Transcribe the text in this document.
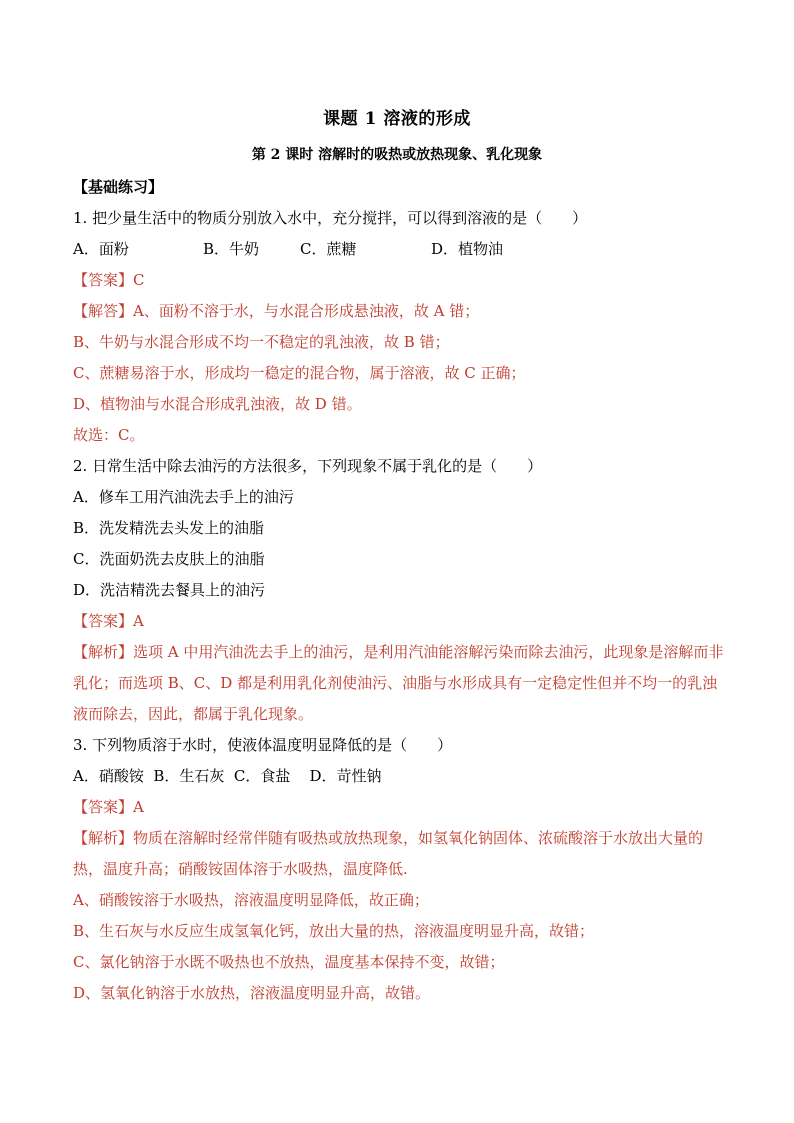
课题 1 溶液的形成
第 2 课时 溶解时的吸热或放热现象、乳化现象
【基础练习】
1. 把少量生活中的物质分别放入水中，充分搅拌，可以得到溶液的是（　　）
A．面粉	B．牛奶	C．蔗糖	D．植物油
【答案】C
【解答】A、面粉不溶于水，与水混合形成悬浊液，故 A 错；
B、牛奶与水混合形成不均一不稳定的乳浊液，故 B 错；
C、蔗糖易溶于水，形成均一稳定的混合物，属于溶液，故 C 正确；
D、植物油与水混合形成乳浊液，故 D 错。
故选：C。
2. 日常生活中除去油污的方法很多，下列现象不属于乳化的是（　　）
A．修车工用汽油洗去手上的油污
B．洗发精洗去头发上的油脂
C．洗面奶洗去皮肤上的油脂
D．洗洁精洗去餐具上的油污
【答案】A
【解析】选项 A 中用汽油洗去手上的油污，是利用汽油能溶解污染而除去油污，此现象是溶解而非乳化；而选项 B、C、D 都是利用乳化剂使油污、油脂与水形成具有一定稳定性但并不均一的乳浊液而除去，因此，都属于乳化现象。
3. 下列物质溶于水时，使液体温度明显降低的是（　　）
A．硝酸铵  B．生石灰  C．食盐    D．苛性钠
【答案】A
【解析】物质在溶解时经常伴随有吸热或放热现象，如氢氧化钠固体、浓硫酸溶于水放出大量的热，温度升高；硝酸铵固体溶于水吸热，温度降低.
A、硝酸铵溶于水吸热，溶液温度明显降低，故正确；
B、生石灰与水反应生成氢氧化钙，放出大量的热，溶液温度明显升高，故错；
C、氯化钠溶于水既不吸热也不放热，温度基本保持不变，故错；
D、氢氧化钠溶于水放热，溶液温度明显升高，故错。
